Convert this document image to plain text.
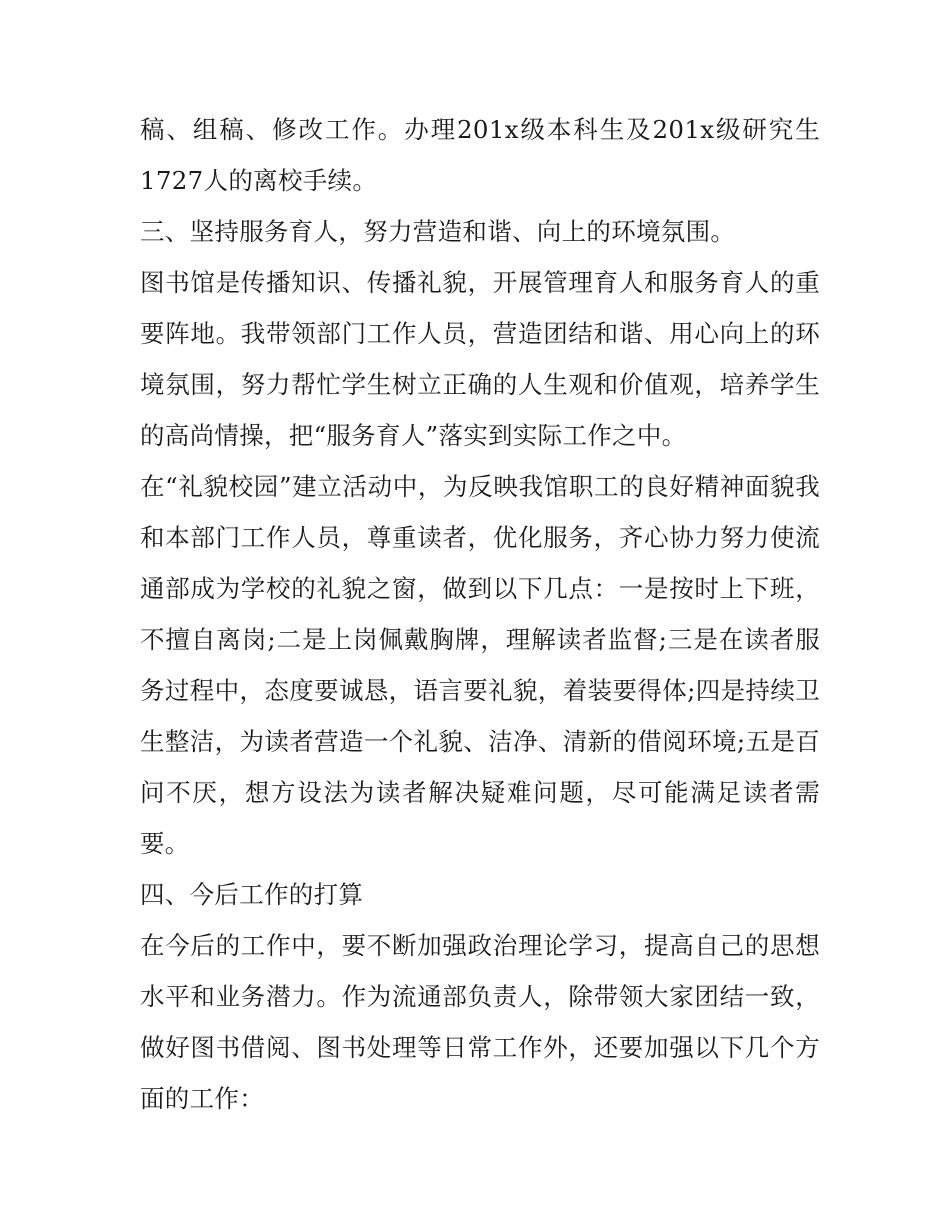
稿、组稿、修改工作。办理201x级本科生及201x级研究生1727人的离校手续。

三、坚持服务育人，努力营造和谐、向上的环境氛围。

图书馆是传播知识、传播礼貌，开展管理育人和服务育人的重要阵地。我带领部门工作人员，营造团结和谐、用心向上的环境氛围，努力帮忙学生树立正确的人生观和价值观，培养学生的高尚情操，把“服务育人”落实到实际工作之中。

在“礼貌校园”建立活动中，为反映我馆职工的良好精神面貌我和本部门工作人员，尊重读者，优化服务，齐心协力努力使流通部成为学校的礼貌之窗，做到以下几点：一是按时上下班，不擅自离岗;二是上岗佩戴胸牌，理解读者监督;三是在读者服务过程中，态度要诚恳，语言要礼貌，着装要得体;四是持续卫生整洁，为读者营造一个礼貌、洁净、清新的借阅环境;五是百问不厌，想方设法为读者解决疑难问题，尽可能满足读者需要。

四、今后工作的打算

在今后的工作中，要不断加强政治理论学习，提高自己的思想水平和业务潜力。作为流通部负责人，除带领大家团结一致，做好图书借阅、图书处理等日常工作外，还要加强以下几个方面的工作：
